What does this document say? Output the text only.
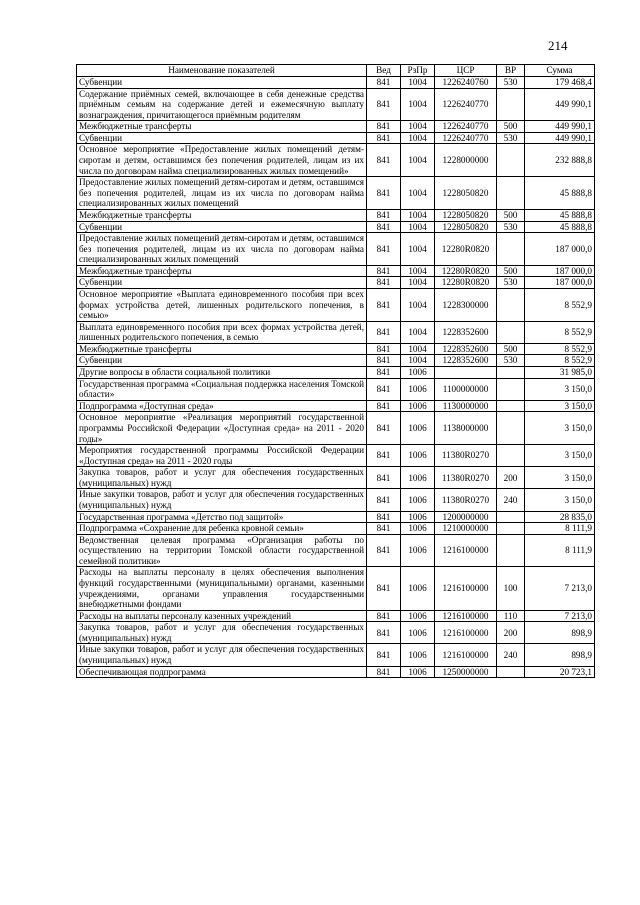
214
Наименование показателей	Вед	РзПр	ЦСР	ВР	Сумма
Субвенции	841	1004	1226240760	530	179 468,4
Содержание приёмных семей, включающее в себя денежные средства приёмным семьям на содержание детей и ежемесячную выплату вознаграждения, причитающегося приёмным родителям	841	1004	1226240770		449 990,1
Межбюджетные трансферты	841	1004	1226240770	500	449 990,1
Субвенции	841	1004	1226240770	530	449 990,1
Основное мероприятие «Предоставление жилых помещений детям-сиротам и детям, оставшимся без попечения родителей, лицам из их числа по договорам найма специализированных жилых помещений»	841	1004	1228000000		232 888,8
Предоставление жилых помещений детям-сиротам и детям, оставшимся без попечения родителей, лицам из их числа по договорам найма специализированных жилых помещений	841	1004	1228050820		45 888,8
Межбюджетные трансферты	841	1004	1228050820	500	45 888,8
Субвенции	841	1004	1228050820	530	45 888,8
Предоставление жилых помещений детям-сиротам и детям, оставшимся без попечения родителей, лицам из их числа по договорам найма специализированных жилых помещений	841	1004	12280R0820		187 000,0
Межбюджетные трансферты	841	1004	12280R0820	500	187 000,0
Субвенции	841	1004	12280R0820	530	187 000,0
Основное мероприятие «Выплата единовременного пособия при всех формах устройства детей, лишенных родительского попечения, в семью»	841	1004	1228300000		8 552,9
Выплата единовременного пособия при всех формах устройства детей, лишенных родительского попечения, в семью	841	1004	1228352600		8 552,9
Межбюджетные трансферты	841	1004	1228352600	500	8 552,9
Субвенции	841	1004	1228352600	530	8 552,9
Другие вопросы в области социальной политики	841	1006			31 985,0
Государственная программа «Социальная поддержка населения Томской области»	841	1006	1100000000		3 150,0
Подпрограмма «Доступная среда»	841	1006	1130000000		3 150,0
Основное мероприятие «Реализация мероприятий государственной программы Российской Федерации «Доступная среда» на 2011 - 2020 годы»	841	1006	1138000000		3 150,0
Мероприятия государственной программы Российской Федерации «Доступная среда» на 2011 - 2020 годы	841	1006	11380R0270		3 150,0
Закупка товаров, работ и услуг для обеспечения государственных (муниципальных) нужд	841	1006	11380R0270	200	3 150,0
Иные закупки товаров, работ и услуг для обеспечения государственных (муниципальных) нужд	841	1006	11380R0270	240	3 150,0
Государственная программа «Детство под защитой»	841	1006	1200000000		28 835,0
Подпрограмма «Сохранение для ребенка кровной семьи»	841	1006	1210000000		8 111,9
Ведомственная целевая программа «Организация работы по осуществлению на территории Томской области государственной семейной политики»	841	1006	1216100000		8 111,9
Расходы на выплаты персоналу в целях обеспечения выполнения функций государственными (муниципальными) органами, казенными учреждениями, органами управления государственными внебюджетными фондами	841	1006	1216100000	100	7 213,0
Расходы на выплаты персоналу казенных учреждений	841	1006	1216100000	110	7 213,0
Закупка товаров, работ и услуг для обеспечения государственных (муниципальных) нужд	841	1006	1216100000	200	898,9
Иные закупки товаров, работ и услуг для обеспечения государственных (муниципальных) нужд	841	1006	1216100000	240	898,9
Обеспечивающая подпрограмма	841	1006	1250000000		20 723,1
